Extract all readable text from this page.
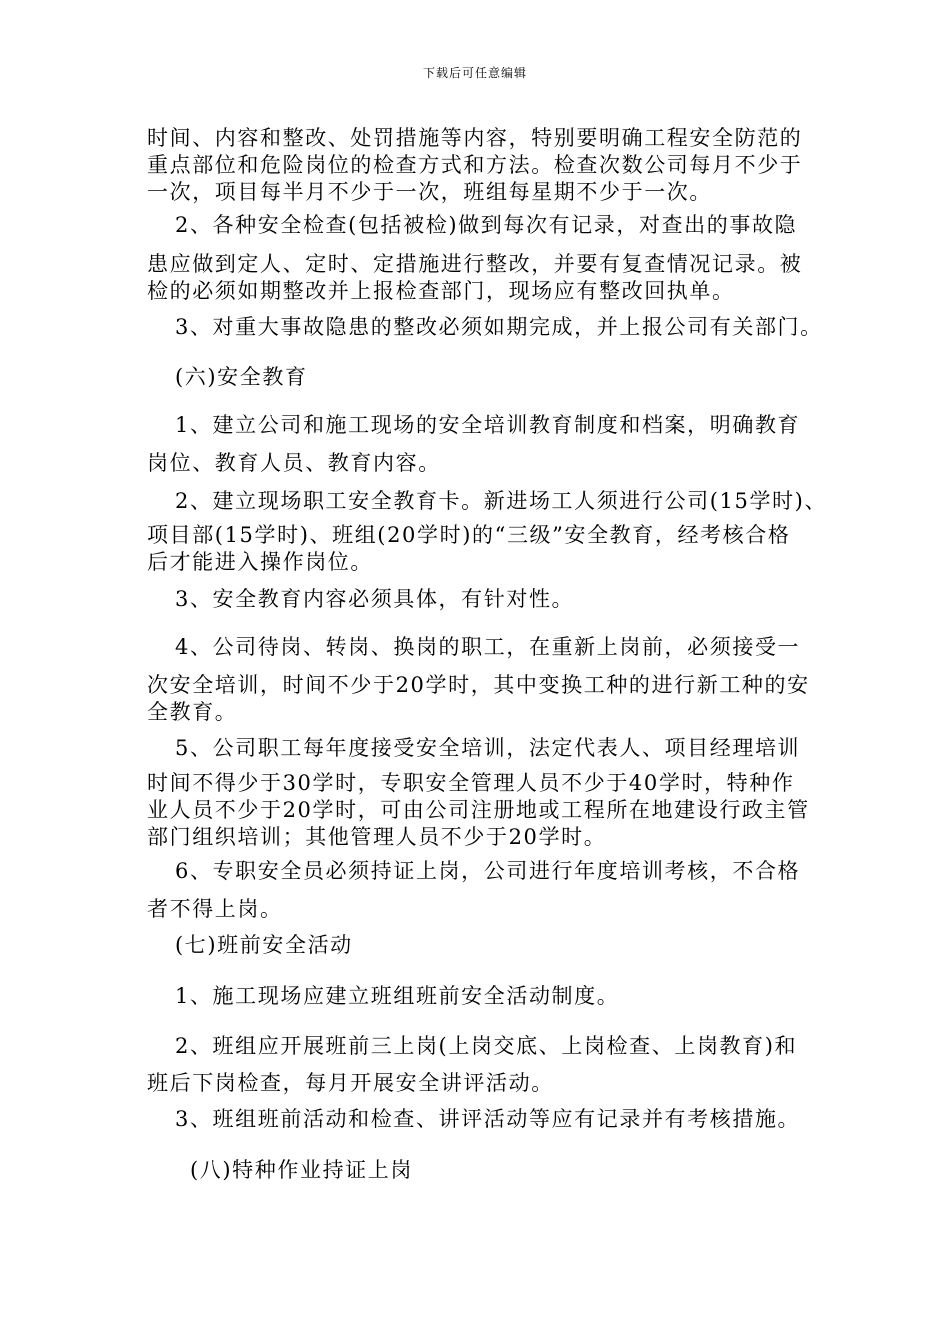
下载后可任意编辑
时间、内容和整改、处罚措施等内容，特别要明确工程安全防范的
重点部位和危险岗位的检查方式和方法。检查次数公司每月不少于
一次，项目每半月不少于一次，班组每星期不少于一次。
2、各种安全检查(包括被检)做到每次有记录，对查出的事故隐
患应做到定人、定时、定措施进行整改，并要有复查情况记录。被
检的必须如期整改并上报检查部门，现场应有整改回执单。
3、对重大事故隐患的整改必须如期完成，并上报公司有关部门。
(六)安全教育
1、建立公司和施工现场的安全培训教育制度和档案，明确教育
岗位、教育人员、教育内容。
2、建立现场职工安全教育卡。新进场工人须进行公司(15学时)、
项目部(15学时)、班组(20学时)的“三级”安全教育，经考核合格
后才能进入操作岗位。
3、安全教育内容必须具体，有针对性。
4、公司待岗、转岗、换岗的职工，在重新上岗前，必须接受一
次安全培训，时间不少于20学时，其中变换工种的进行新工种的安
全教育。
5、公司职工每年度接受安全培训，法定代表人、项目经理培训
时间不得少于30学时，专职安全管理人员不少于40学时，特种作
业人员不少于20学时，可由公司注册地或工程所在地建设行政主管
部门组织培训；其他管理人员不少于20学时。
6、专职安全员必须持证上岗，公司进行年度培训考核，不合格
者不得上岗。
(七)班前安全活动
1、施工现场应建立班组班前安全活动制度。
2、班组应开展班前三上岗(上岗交底、上岗检查、上岗教育)和
班后下岗检查，每月开展安全讲评活动。
3、班组班前活动和检查、讲评活动等应有记录并有考核措施。
(八)特种作业持证上岗
